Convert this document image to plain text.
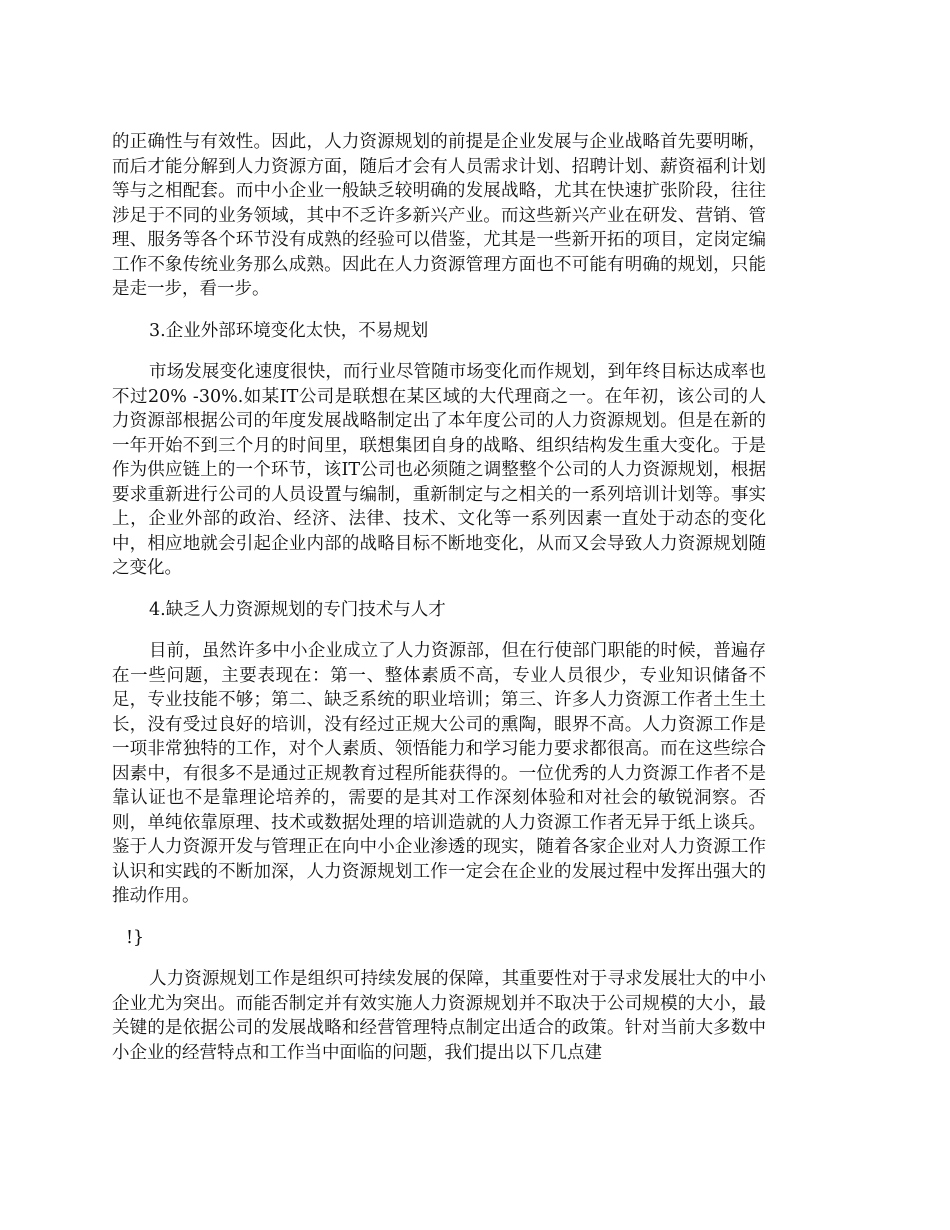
的正确性与有效性。因此，人力资源规划的前提是企业发展与企业战略首先要明晰，而后才能分解到人力资源方面，随后才会有人员需求计划、招聘计划、薪资福利计划等与之相配套。而中小企业一般缺乏较明确的发展战略，尤其在快速扩张阶段，往往涉足于不同的业务领域，其中不乏许多新兴产业。而这些新兴产业在研发、营销、管理、服务等各个环节没有成熟的经验可以借鉴，尤其是一些新开拓的项目，定岗定编工作不象传统业务那么成熟。因此在人力资源管理方面也不可能有明确的规划，只能是走一步，看一步。

3.企业外部环境变化太快，不易规划

市场发展变化速度很快，而行业尽管随市场变化而作规划，到年终目标达成率也不过20% -30%.如某IT公司是联想在某区域的大代理商之一。在年初，该公司的人力资源部根据公司的年度发展战略制定出了本年度公司的人力资源规划。但是在新的一年开始不到三个月的时间里，联想集团自身的战略、组织结构发生重大变化。于是作为供应链上的一个环节，该IT公司也必须随之调整整个公司的人力资源规划，根据要求重新进行公司的人员设置与编制，重新制定与之相关的一系列培训计划等。事实上，企业外部的政治、经济、法律、技术、文化等一系列因素一直处于动态的变化中，相应地就会引起企业内部的战略目标不断地变化，从而又会导致人力资源规划随之变化。

4.缺乏人力资源规划的专门技术与人才

目前，虽然许多中小企业成立了人力资源部，但在行使部门职能的时候，普遍存在一些问题，主要表现在：第一、整体素质不高，专业人员很少，专业知识储备不足，专业技能不够；第二、缺乏系统的职业培训；第三、许多人力资源工作者土生土长，没有受过良好的培训，没有经过正规大公司的熏陶，眼界不高。人力资源工作是一项非常独特的工作，对个人素质、领悟能力和学习能力要求都很高。而在这些综合因素中，有很多不是通过正规教育过程所能获得的。一位优秀的人力资源工作者不是靠认证也不是靠理论培养的，需要的是其对工作深刻体验和对社会的敏锐洞察。否则，单纯依靠原理、技术或数据处理的培训造就的人力资源工作者无异于纸上谈兵。鉴于人力资源开发与管理正在向中小企业渗透的现实，随着各家企业对人力资源工作认识和实践的不断加深，人力资源规划工作一定会在企业的发展过程中发挥出强大的推动作用。

!}

人力资源规划工作是组织可持续发展的保障，其重要性对于寻求发展壮大的中小企业尤为突出。而能否制定并有效实施人力资源规划并不取决于公司规模的大小，最关键的是依据公司的发展战略和经营管理特点制定出适合的政策。针对当前大多数中小企业的经营特点和工作当中面临的问题，我们提出以下几点建
